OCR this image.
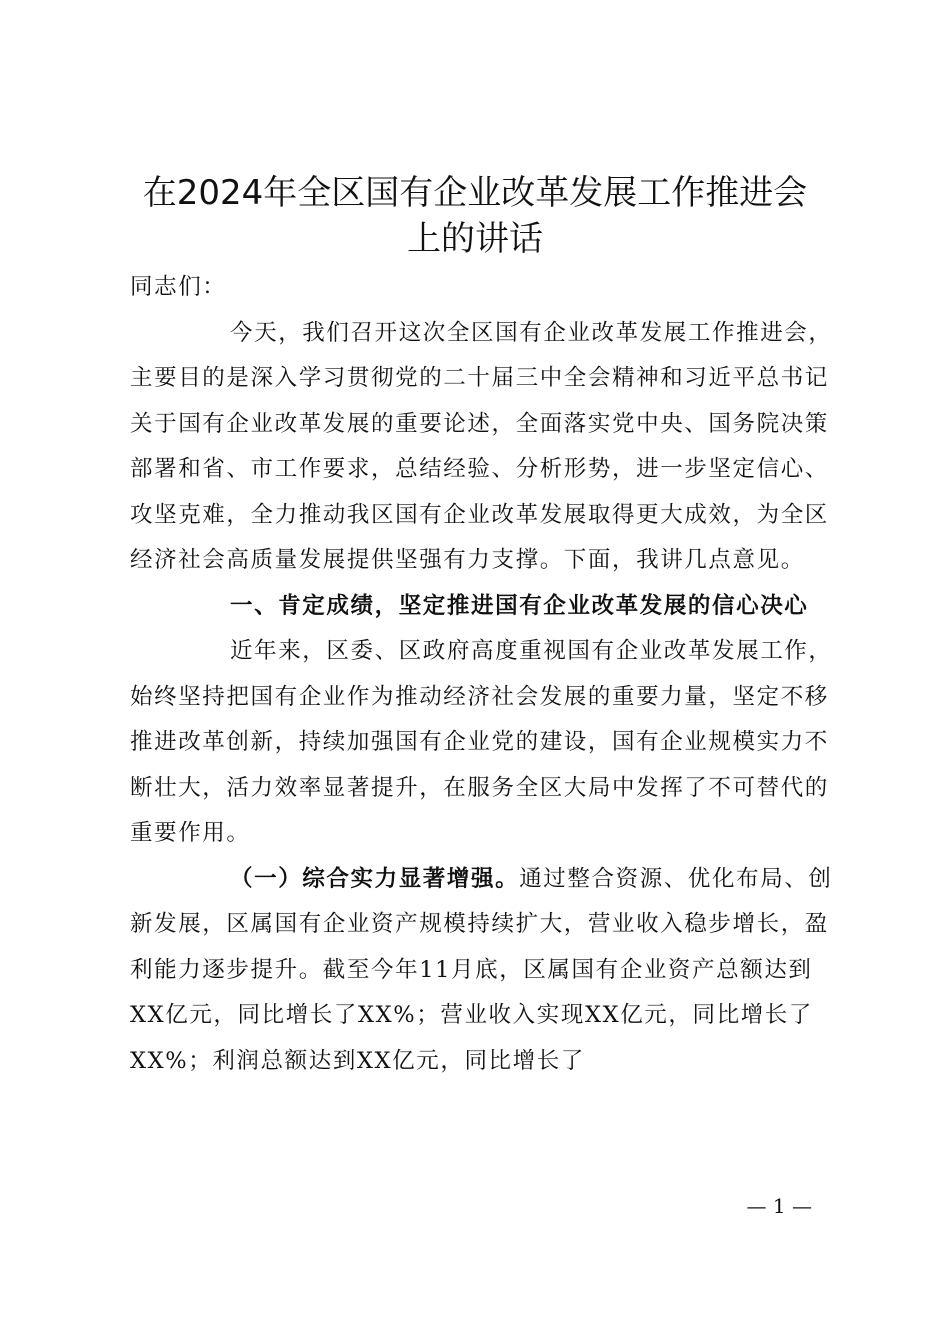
在2024年全区国有企业改革发展工作推进会
上的讲话
同志们：

今天，我们召开这次全区国有企业改革发展工作推进会，主要目的是深入学习贯彻党的二十届三中全会精神和习近平总书记关于国有企业改革发展的重要论述，全面落实党中央、国务院决策部署和省、市工作要求，总结经验、分析形势，进一步坚定信心、攻坚克难，全力推动我区国有企业改革发展取得更大成效，为全区经济社会高质量发展提供坚强有力支撑。下面，我讲几点意见。

一、肯定成绩，坚定推进国有企业改革发展的信心决心

近年来，区委、区政府高度重视国有企业改革发展工作，始终坚持把国有企业作为推动经济社会发展的重要力量，坚定不移推进改革创新，持续加强国有企业党的建设，国有企业规模实力不断壮大，活力效率显著提升，在服务全区大局中发挥了不可替代的重要作用。

（一）综合实力显著增强。通过整合资源、优化布局、创新发展，区属国有企业资产规模持续扩大，营业收入稳步增长，盈利能力逐步提升。截至今年11月底，区属国有企业资产总额达到XX亿元，同比增长了XX%；营业收入实现XX亿元，同比增长了XX%；利润总额达到XX亿元，同比增长了

— 1 —
